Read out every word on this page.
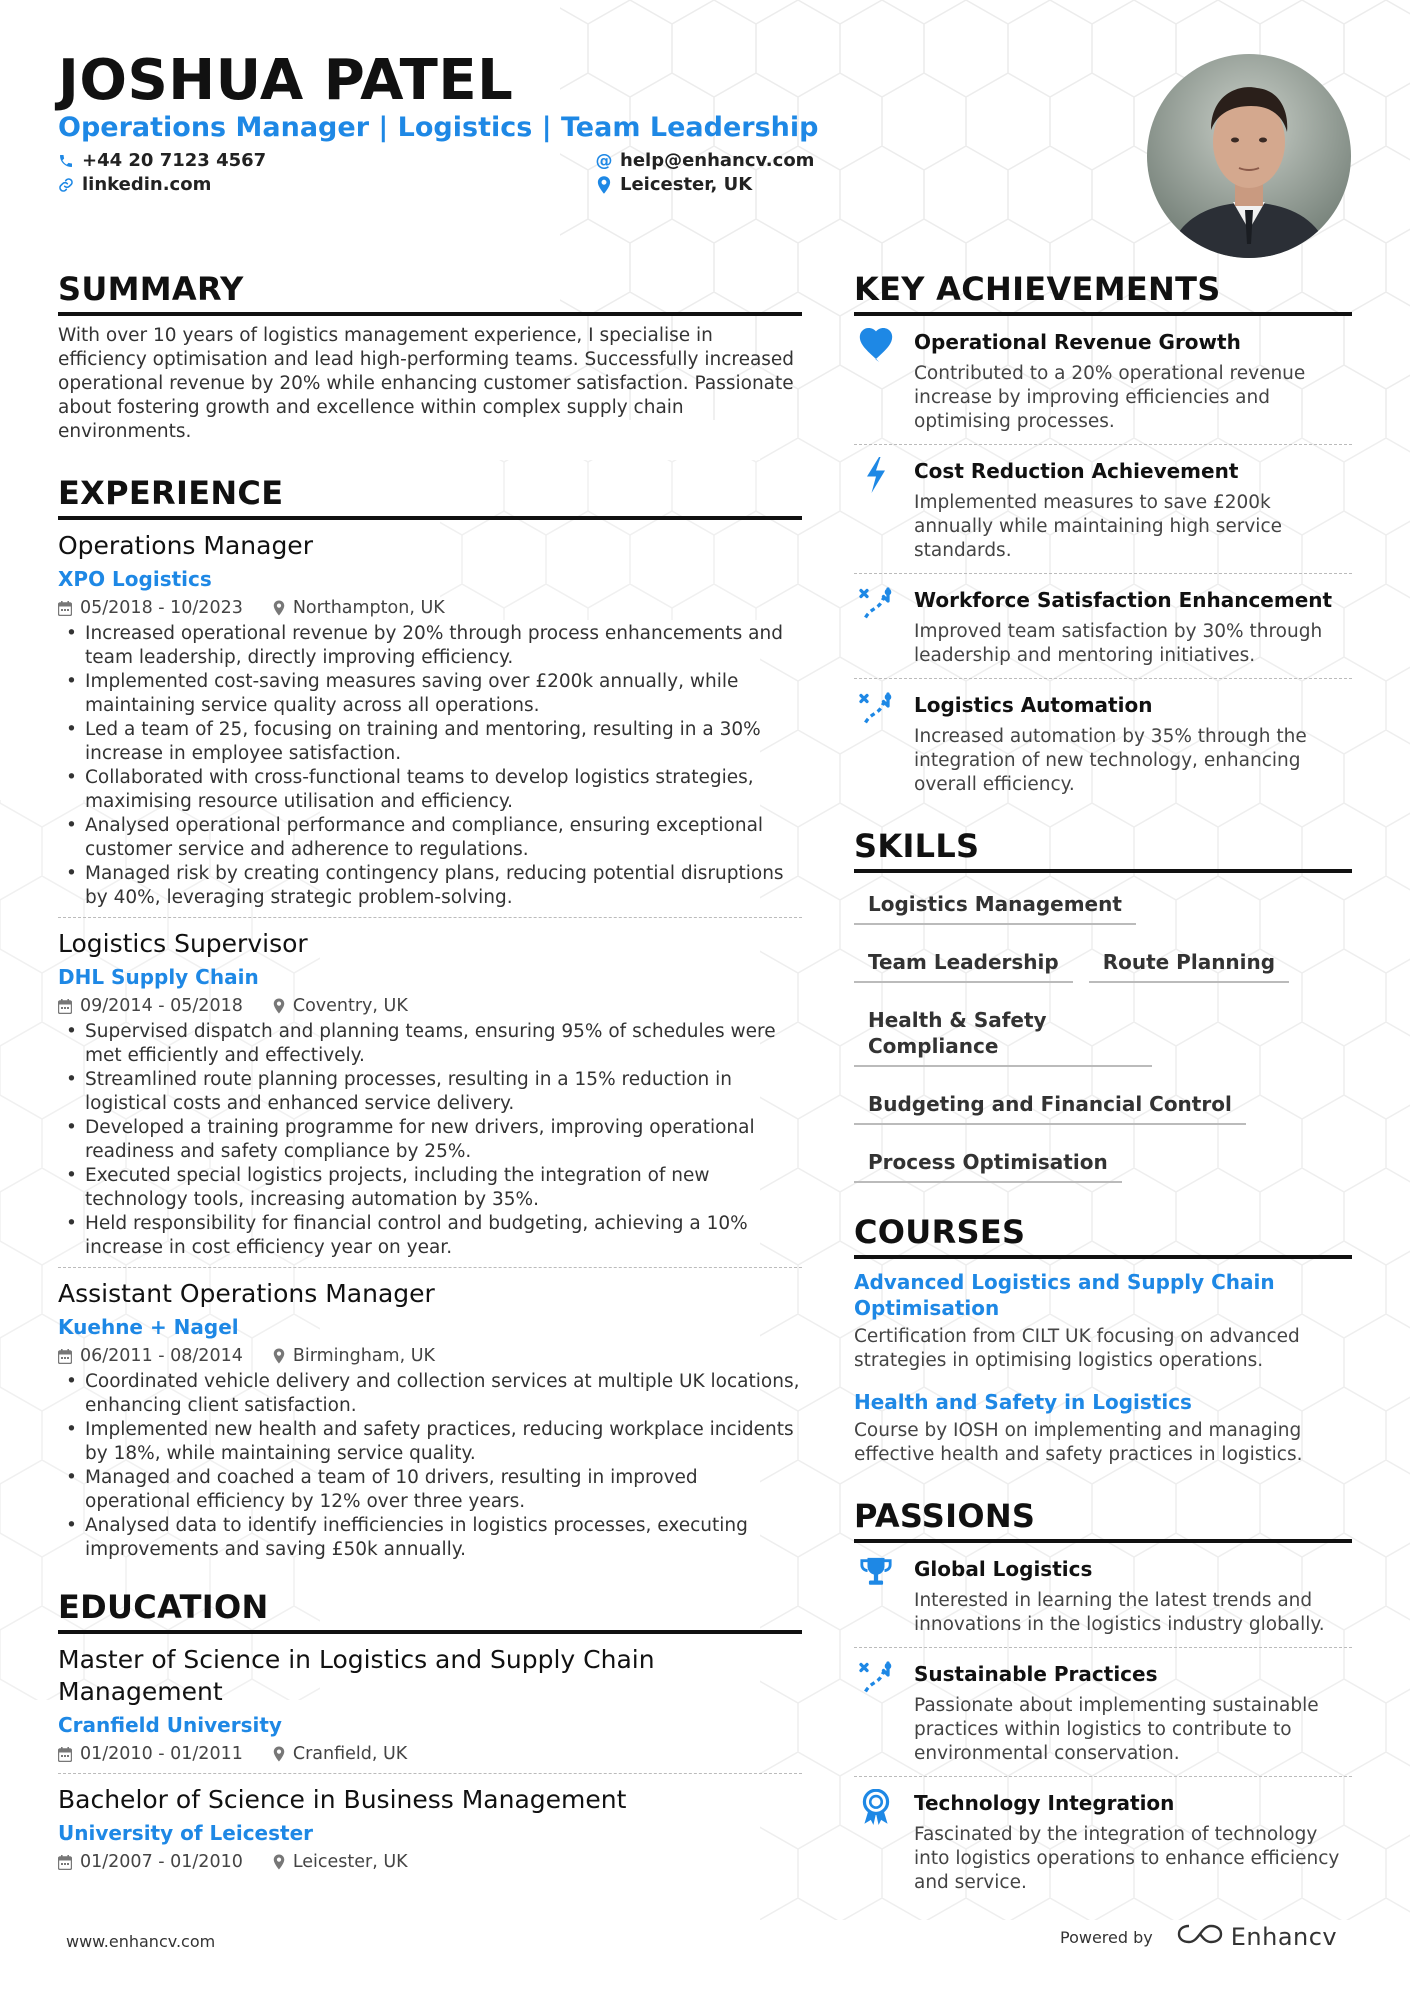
JOSHUA PATEL
Operations Manager | Logistics | Team Leadership
+44 20 7123 4567	@ help@enhancv.com
linkedin.com	Leicester, UK
SUMMARY
With over 10 years of logistics management experience, I specialise in efficiency optimisation and lead high-performing teams. Successfully increased operational revenue by 20% while enhancing customer satisfaction. Passionate about fostering growth and excellence within complex supply chain environments.
EXPERIENCE
Operations Manager
XPO Logistics
05/2018 - 10/2023	Northampton, UK
• Increased operational revenue by 20% through process enhancements and team leadership, directly improving efficiency.
• Implemented cost-saving measures saving over £200k annually, while maintaining service quality across all operations.
• Led a team of 25, focusing on training and mentoring, resulting in a 30% increase in employee satisfaction.
• Collaborated with cross-functional teams to develop logistics strategies, maximising resource utilisation and efficiency.
• Analysed operational performance and compliance, ensuring exceptional customer service and adherence to regulations.
• Managed risk by creating contingency plans, reducing potential disruptions by 40%, leveraging strategic problem-solving.
Logistics Supervisor
DHL Supply Chain
09/2014 - 05/2018	Coventry, UK
• Supervised dispatch and planning teams, ensuring 95% of schedules were met efficiently and effectively.
• Streamlined route planning processes, resulting in a 15% reduction in logistical costs and enhanced service delivery.
• Developed a training programme for new drivers, improving operational readiness and safety compliance by 25%.
• Executed special logistics projects, including the integration of new technology tools, increasing automation by 35%.
• Held responsibility for financial control and budgeting, achieving a 10% increase in cost efficiency year on year.
Assistant Operations Manager
Kuehne + Nagel
06/2011 - 08/2014	Birmingham, UK
• Coordinated vehicle delivery and collection services at multiple UK locations, enhancing client satisfaction.
• Implemented new health and safety practices, reducing workplace incidents by 18%, while maintaining service quality.
• Managed and coached a team of 10 drivers, resulting in improved operational efficiency by 12% over three years.
• Analysed data to identify inefficiencies in logistics processes, executing improvements and saving £50k annually.
EDUCATION
Master of Science in Logistics and Supply Chain Management
Cranfield University
01/2010 - 01/2011	Cranfield, UK
Bachelor of Science in Business Management
University of Leicester
01/2007 - 01/2010	Leicester, UK
KEY ACHIEVEMENTS
Operational Revenue Growth
Contributed to a 20% operational revenue increase by improving efficiencies and optimising processes.
Cost Reduction Achievement
Implemented measures to save £200k annually while maintaining high service standards.
Workforce Satisfaction Enhancement
Improved team satisfaction by 30% through leadership and mentoring initiatives.
Logistics Automation
Increased automation by 35% through the integration of new technology, enhancing overall efficiency.
SKILLS
Logistics Management
Team Leadership	Route Planning
Health & Safety Compliance
Budgeting and Financial Control
Process Optimisation
COURSES
Advanced Logistics and Supply Chain Optimisation
Certification from CILT UK focusing on advanced strategies in optimising logistics operations.
Health and Safety in Logistics
Course by IOSH on implementing and managing effective health and safety practices in logistics.
PASSIONS
Global Logistics
Interested in learning the latest trends and innovations in the logistics industry globally.
Sustainable Practices
Passionate about implementing sustainable practices within logistics to contribute to environmental conservation.
Technology Integration
Fascinated by the integration of technology into logistics operations to enhance efficiency and service.
www.enhancv.com	Powered by	Enhancv
